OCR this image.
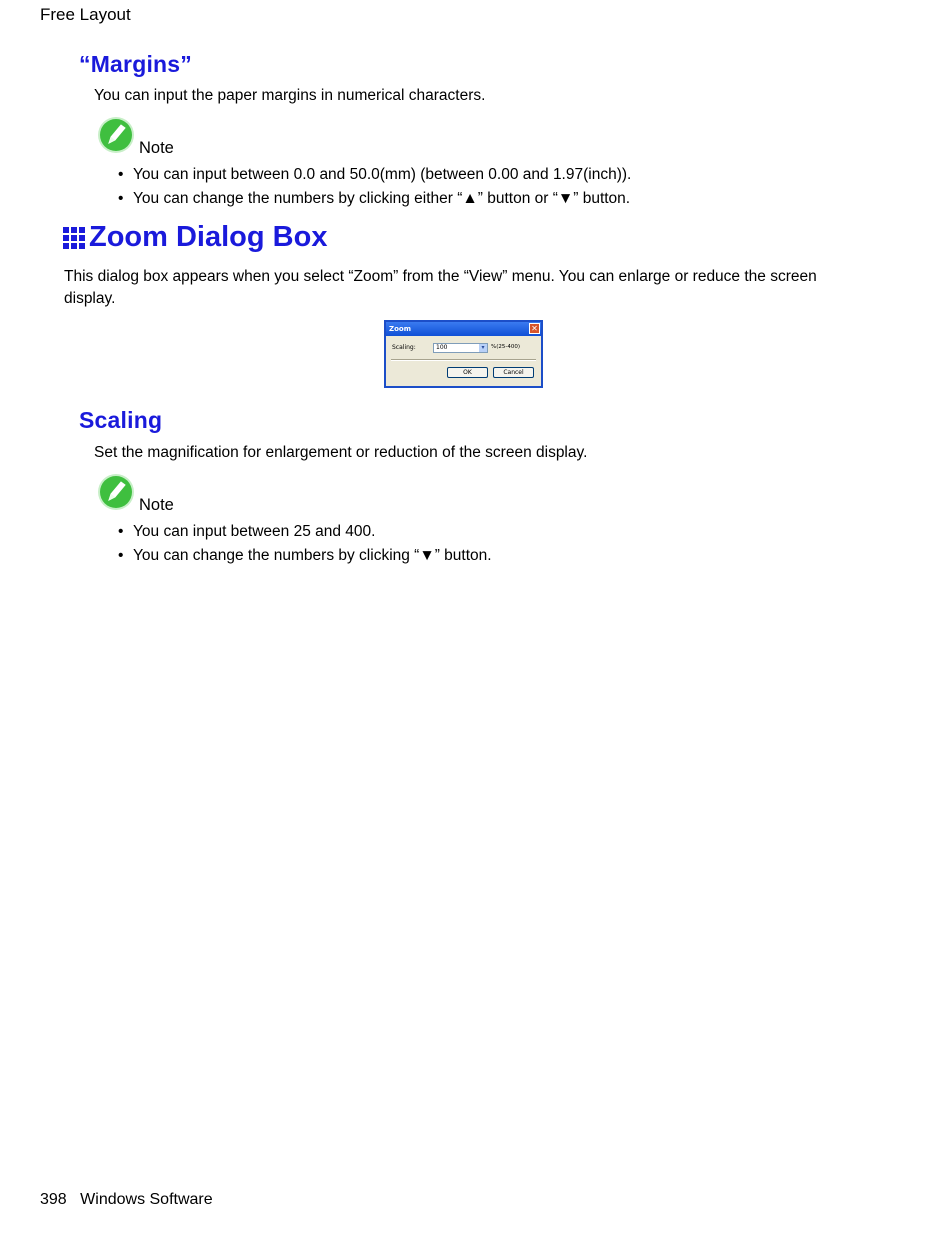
Free Layout
“Margins”
You can input the paper margins in numerical characters.
Note
• You can input between 0.0 and 50.0(mm) (between 0.00 and 1.97(inch)).
• You can change the numbers by clicking either “▲” button or “▼” button.
Zoom Dialog Box
This dialog box appears when you select “Zoom” from the “View” menu. You can enlarge or reduce the screen display.
Zoom	✕
Scaling:	100	▾	%(25-400)
OK	Cancel
Scaling
Set the magnification for enlargement or reduction of the screen display.
Note
• You can input between 25 and 400.
• You can change the numbers by clicking “▼” button.
398 Windows Software
